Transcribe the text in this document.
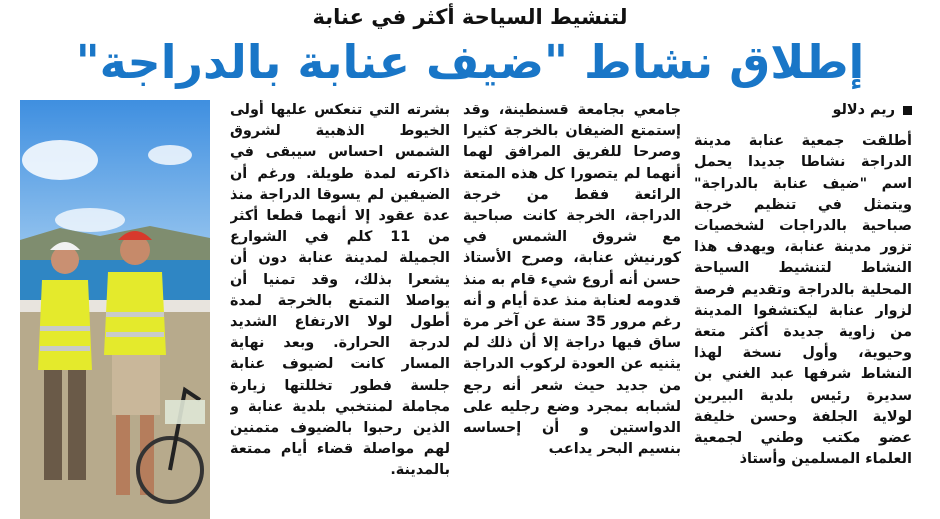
لتنشيط السياحة أكثر في عنابة
إطلاق نشاط "ضيف عنابة بالدراجة"
ريم دلالو

أطلقت جمعية عنابة مدينة الدراجة نشاطا جديدا يحمل اسم "ضيف عنابة بالدراجة" ويتمثل في تنظيم خرجة صباحية بالدراجات لشخصيات تزور مدينة عنابة، ويهدف هذا النشاط لتنشيط السياحة المحلية بالدراجة وتقديم فرصة لزوار عنابة ليكتشفوا المدينة من زاوية جديدة أكثر متعة وحيوية، وأول نسخة لهذا النشاط شرفها عبد الغني بن سديرة رئيس بلدية البيرين لولاية الجلفة وحسن خليفة عضو مكتب وطني لجمعية العلماء المسلمين وأستاذ

جامعي بجامعة قسنطينة، وقد إستمتع الضيفان بالخرجة كثيرا وصرحا للفريق المرافق لهما أنهما لم يتصورا كل هذه المتعة الرائعة فقط من خرجة الدراجة، الخرجة كانت صباحية مع شروق الشمس في كورنيش عنابة، وصرح الأستاذ حسن أنه أروع شيء قام به منذ قدومه لعنابة منذ عدة أيام و أنه رغم مرور 35 سنة عن آخر مرة ساق فيها دراجة إلا أن ذلك لم يثنيه عن العودة لركوب الدراجة من جديد حيث شعر أنه رجع لشبابه بمجرد وضع رجليه على الدواستين و أن إحساسه بنسيم البحر يداعب

بشرته التي تنعكس عليها أولى الخيوط الذهبية لشروق الشمس احساس سيبقى في ذاكرته لمدة طويلة. ورغم أن الضيفين لم يسوقا الدراجة منذ عدة عقود إلا أنهما قطعا أكثر من 11 كلم في الشوارع الجميلة لمدينة عنابة دون أن يشعرا بذلك، وقد تمنيا أن يواصلا التمتع بالخرجة لمدة أطول لولا الارتفاع الشديد لدرجة الحرارة. وبعد نهاية المسار كانت لضيوف عنابة جلسة فطور تخللتها زيارة مجاملة لمنتخبي بلدية عنابة و الذين رحبوا بالضيوف متمنين لهم مواصلة قضاء أيام ممتعة بالمدينة.
